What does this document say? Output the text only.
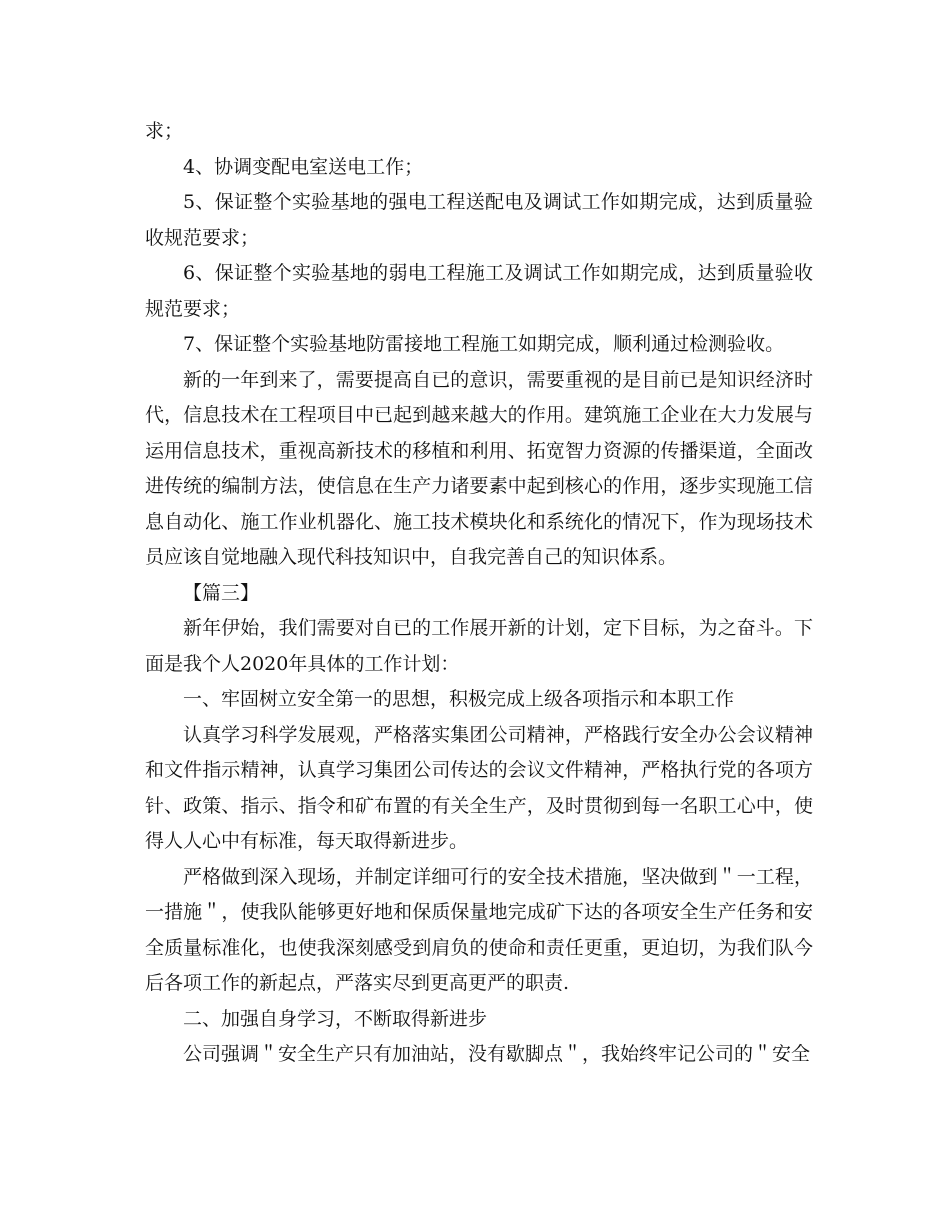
求；

4、协调变配电室送电工作；

5、保证整个实验基地的强电工程送配电及调试工作如期完成，达到质量验收规范要求；

6、保证整个实验基地的弱电工程施工及调试工作如期完成，达到质量验收规范要求；

7、保证整个实验基地防雷接地工程施工如期完成，顺利通过检测验收。

新的一年到来了，需要提高自已的意识，需要重视的是目前已是知识经济时代，信息技术在工程项目中已起到越来越大的作用。建筑施工企业在大力发展与运用信息技术，重视高新技术的移植和利用、拓宽智力资源的传播渠道，全面改进传统的编制方法，使信息在生产力诸要素中起到核心的作用，逐步实现施工信息自动化、施工作业机器化、施工技术模块化和系统化的情况下，作为现场技术员应该自觉地融入现代科技知识中，自我完善自己的知识体系。

【篇三】

新年伊始，我们需要对自已的工作展开新的计划，定下目标，为之奋斗。下面是我个人2020年具体的工作计划：

一、牢固树立安全第一的思想，积极完成上级各项指示和本职工作

认真学习科学发展观，严格落实集团公司精神，严格践行安全办公会议精神和文件指示精神，认真学习集团公司传达的会议文件精神，严格执行党的各项方针、政策、指示、指令和矿布置的有关全生产，及时贯彻到每一名职工心中，使得人人心中有标准，每天取得新进步。

严格做到深入现场，并制定详细可行的安全技术措施，坚决做到＂一工程，一措施＂，使我队能够更好地和保质保量地完成矿下达的各项安全生产任务和安全质量标准化，也使我深刻感受到肩负的使命和责任更重，更迫切，为我们队今后各项工作的新起点，严落实尽到更高更严的职责.

二、加强自身学习，不断取得新进步

公司强调＂安全生产只有加油站，没有歇脚点＂，我始终牢记公司的＂安全
